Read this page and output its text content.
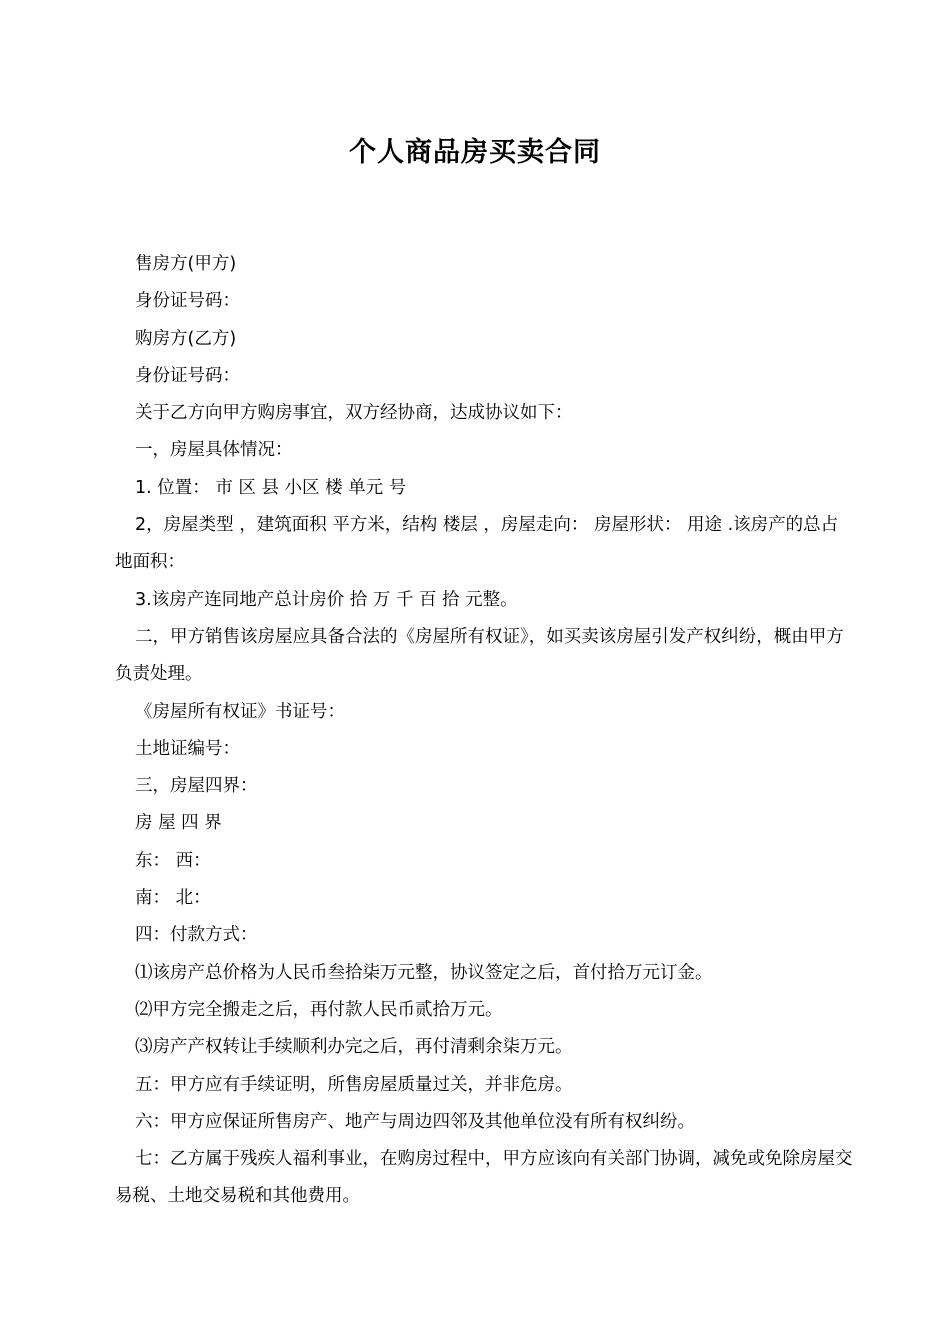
个人商品房买卖合同
售房方(甲方)
身份证号码：
购房方(乙方)
身份证号码：
关于乙方向甲方购房事宜，双方经协商，达成协议如下：
一，房屋具体情况：
1. 位置： 市 区 县 小区 楼 单元 号
2，房屋类型 ，建筑面积 平方米，结构 楼层 ，房屋走向： 房屋形状： 用途 .该房产的总占地面积：
3.该房产连同地产总计房价 拾 万 千 百 拾 元整。
二，甲方销售该房屋应具备合法的《房屋所有权证》，如买卖该房屋引发产权纠纷，概由甲方负责处理。
《房屋所有权证》书证号：
土地证编号：
三，房屋四界：
房 屋 四 界
东： 西：
南： 北：
四：付款方式：
⑴该房产总价格为人民币叁拾柒万元整，协议签定之后，首付拾万元订金。
⑵甲方完全搬走之后，再付款人民币贰拾万元。
⑶房产产权转让手续顺利办完之后，再付清剩余柒万元。
五：甲方应有手续证明，所售房屋质量过关，并非危房。
六：甲方应保证所售房产、地产与周边四邻及其他单位没有所有权纠纷。
七：乙方属于残疾人福利事业，在购房过程中，甲方应该向有关部门协调，减免或免除房屋交易税、土地交易税和其他费用。
